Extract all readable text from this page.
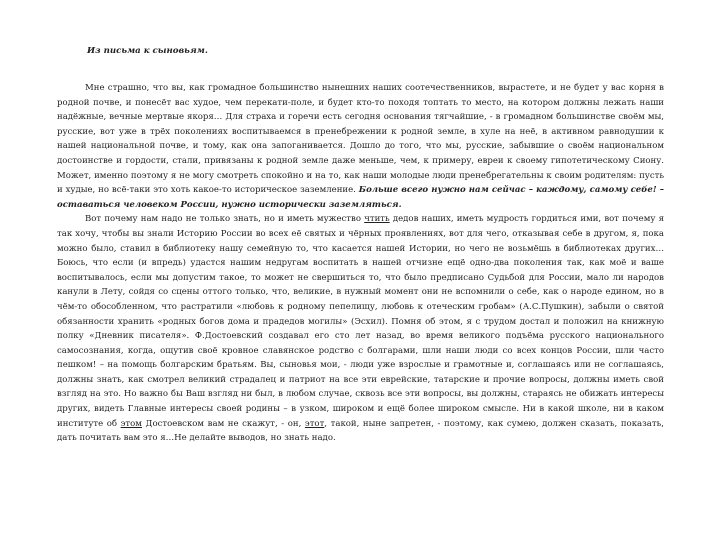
Из письма к сыновьям.

Мне страшно, что вы, как громадное большинство нынешних наших соотечественников, вырастете, и не будет у вас корня в родной почве, и понесёт вас худое, чем перекати-поле, и будет кто-то походя топтать то место, на котором должны лежать наши надёжные, вечные мертвые якоря… Для страха и горечи есть сегодня основания тягчайшие, - в громадном большинстве своём мы, русские, вот уже в трёх поколениях воспитываемся в пренебрежении к родной земле, в хуле на неё, в активном равнодушии к нашей национальной почве, и тому, как она запоганивается. Дошло до того, что мы, русские, забывшие о своём национальном достоинстве и гордости, стали, привязаны к родной земле даже меньше, чем, к примеру, евреи к своему гипотетическому Сиону. Может, именно поэтому я не могу смотреть спокойно и на то, как наши молодые люди пренебрегательны к своим родителям: пусть и худые, но всё-таки это хоть какое-то историческое заземление. Больше всего нужно нам сейчас – каждому, самому себе! – оставаться человеком России, нужно исторически заземляться.

Вот почему нам надо не только знать, но и иметь мужество чтить дедов наших, иметь мудрость гордиться ими, вот почему я так хочу, чтобы вы знали Историю России во всех её святых и чёрных проявлениях, вот для чего, отказывая себе в другом, я, пока можно было, ставил в библиотеку нашу семейную то, что касается нашей Истории, но чего не возьмёшь в библиотеках других…Боюсь, что если (и впредь) удастся нашим недругам воспитать в нашей отчизне ещё одно-два поколения так, как моё и ваше воспитывалось, если мы допустим такое, то может не свершиться то, что было предписано Судьбой для России, мало ли народов канули в Лету, сойдя со сцены оттого только, что, великие, в нужный момент они не вспомнили о себе, как о народе едином, но в чём-то обособленном, что растратили «любовь к родному пепелищу, любовь к отеческим гробам» (А.С.Пушкин), забыли о святой обязанности хранить «родных богов дома и прадедов могилы» (Эсхил). Помня об этом, я с трудом достал и положил на книжную полку «Дневник писателя». Ф.Достоевский создавал его сто лет назад, во время великого подъёма русского национального самосознания, когда, ощутив своё кровное славянское родство с болгарами, шли наши люди со всех концов России, шли часто пешком! – на помощь болгарским братьям. Вы, сыновья мои, - люди уже взрослые и грамотные и, соглашаясь или не соглашаясь, должны знать, как смотрел великий страдалец и патриот на все эти еврейские, татарские и прочие вопросы, должны иметь свой взгляд на это. Но важно бы Ваш взгляд ни был, в любом случае, сквозь все эти вопросы, вы должны, стараясь не обижать интересы других, видеть Главные интересы своей родины – в узком, широком и ещё более широком смысле. Ни в какой школе, ни в каком институте об этом Достоевском вам не скажут, - он, этот, такой, ныне запретен, - поэтому, как сумею, должен сказать, показать, дать почитать вам это я…Не делайте выводов, но знать надо.
